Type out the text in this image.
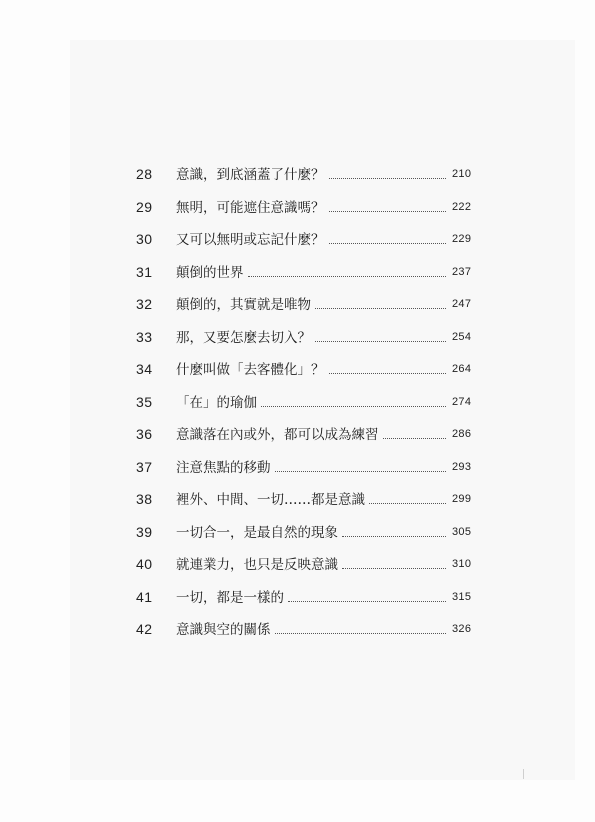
28	意識，到底涵蓋了什麼？	210
29	無明，可能遮住意識嗎？	222
30	又可以無明或忘記什麼？	229
31	顛倒的世界	237
32	顛倒的，其實就是唯物	247
33	那，又要怎麼去切入？	254
34	什麼叫做「去客體化」？	264
35	「在」的瑜伽	274
36	意識落在內或外，都可以成為練習	286
37	注意焦點的移動	293
38	裡外、中間、一切……都是意識	299
39	一切合一，是最自然的現象	305
40	就連業力，也只是反映意識	310
41	一切，都是一樣的	315
42	意識與空的關係	326
